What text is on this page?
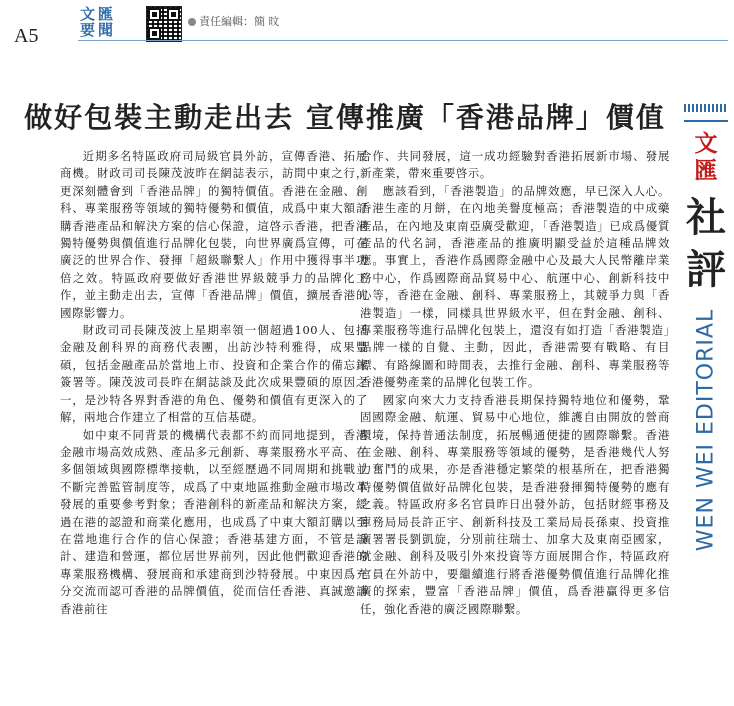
A5
文匯
要聞	責任編輯：簡 旼
做好包裝主動走出去 宣傳推廣「香港品牌」價值

近期多名特區政府司局級官員外訪，宣傳香港、拓展商機。財政司司長陳茂波昨在網誌表示，訪問中東之行，更深刻體會到「香港品牌」的獨特價值。香港在金融、創科、專業服務等領域的獨特優勢和價值，成爲中東大額訂購香港產品和解決方案的信心保證，這啓示香港，把香港獨特優勢與價值進行品牌化包裝，向世界廣爲宣傳，可在廣泛的世界合作、發揮「超級聯繫人」作用中獲得事半功倍之效。特區政府要做好香港世界級競爭力的品牌化工作，並主動走出去，宣傳「香港品牌」價值，擴展香港的國際影響力。

財政司司長陳茂波上星期率領一個超過100人、包括金融及創科界的商務代表團，出訪沙特利雅得，成果豐碩，包括金融產品於當地上市、投資和企業合作的備忘錄簽署等。陳茂波司長昨在網誌談及此次成果豐碩的原因之一，是沙特各界對香港的角色、優勢和價值有更深入的了解，兩地合作建立了相當的互信基礎。

如中東不同背景的機構代表都不約而同地提到，香港金融市場高效成熟、產品多元創新、專業服務水平高、在多個領域與國際標準接軌，以至經歷過不同周期和挑戰並不斷完善監管制度等，成爲了中東地區推動金融市場改革發展的重要參考對象；香港創科的新產品和解決方案，經過在港的認證和商業化應用，也成爲了中東大額訂購以至在當地進行合作的信心保證；香港基建方面，不管是設計、建造和營運，都位居世界前列，因此他們歡迎香港的專業服務機構、發展商和承建商到沙特發展。中東因爲充分交流而認可香港的品牌價值，從而信任香港、真誠邀請香港前往

合作、共同發展，這一成功經驗對香港拓展新市場、發展新產業，帶來重要啓示。

應該看到，「香港製造」的品牌效應，早已深入人心。香港生產的月餅，在內地美譽度極高；香港製造的中成藥產品，在內地及東南亞廣受歡迎，「香港製造」已成爲優質產品的代名詞，香港產品的推廣明顯受益於這種品牌效應。事實上，香港作爲國際金融中心及最大人民幣離岸業務中心，作爲國際商品貿易中心、航運中心、創新科技中心等，香港在金融、創科、專業服務上，其競爭力與「香港製造」一樣，同樣具世界級水平，但在對金融、創科、專業服務等進行品牌化包裝上，還沒有如打造「香港製造」品牌一樣的自覺、主動，因此，香港需要有戰略、有目標、有路線圖和時間表，去推行金融、創科、專業服務等香港優勢產業的品牌化包裝工作。

國家向來大力支持香港長期保持獨特地位和優勢，鞏固國際金融、航運、貿易中心地位，維護自由開放的營商環境，保持普通法制度，拓展暢通便捷的國際聯繫。香港在金融、創科、專業服務等領域的優勢，是香港幾代人努力奮鬥的成果，亦是香港穩定繁榮的根基所在，把香港獨特優勢價值做好品牌化包裝，是香港發揮獨特優勢的應有之義。特區政府多名官員昨日出發外訪，包括財經事務及庫務局局長許正宇、創新科技及工業局局長孫東、投資推廣署署長劉凱旋，分別前往瑞士、加拿大及東南亞國家，就金融、創科及吸引外來投資等方面展開合作，特區政府官員在外訪中，要繼續進行將香港優勢價值進行品牌化推廣的探索，豐富「香港品牌」價值，爲香港贏得更多信任，強化香港的廣泛國際聯繫。

文
匯
社
評
WEN WEI EDITORIAL
